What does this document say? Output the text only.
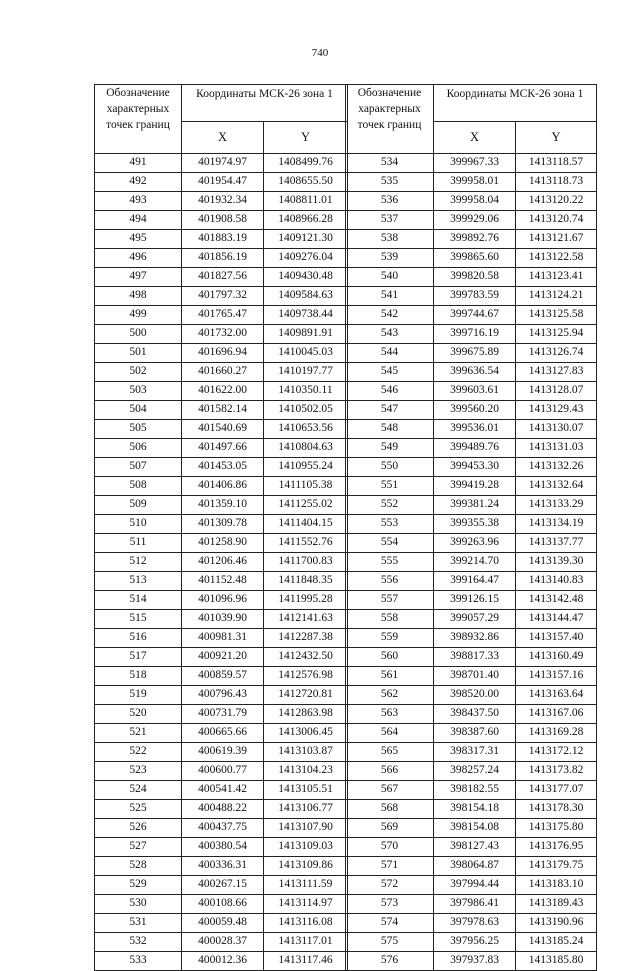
740
Обозначение характерных точек границ	Координаты МСК-26 зона 1	
	X	Y
491	401974.97	1408499.76
492	401954.47	1408655.50
493	401932.34	1408811.01
494	401908.58	1408966.28
495	401883.19	1409121.30
496	401856.19	1409276.04
497	401827.56	1409430.48
498	401797.32	1409584.63
499	401765.47	1409738.44
500	401732.00	1409891.91
501	401696.94	1410045.03
502	401660.27	1410197.77
503	401622.00	1410350.11
504	401582.14	1410502.05
505	401540.69	1410653.56
506	401497.66	1410804.63
507	401453.05	1410955.24
508	401406.86	1411105.38
509	401359.10	1411255.02
510	401309.78	1411404.15
511	401258.90	1411552.76
512	401206.46	1411700.83
513	401152.48	1411848.35
514	401096.96	1411995.28
515	401039.90	1412141.63
516	400981.31	1412287.38
517	400921.20	1412432.50
518	400859.57	1412576.98
519	400796.43	1412720.81
520	400731.79	1412863.98
521	400665.66	1413006.45
522	400619.39	1413103.87
523	400600.77	1413104.23
524	400541.42	1413105.51
525	400488.22	1413106.77
526	400437.75	1413107.90
527	400380.54	1413109.03
528	400336.31	1413109.86
529	400267.15	1413111.59
530	400108.66	1413114.97
531	400059.48	1413116.08
532	400028.37	1413117.01
533	400012.36	1413117.46
Обозначение характерных точек границ	Координаты МСК-26 зона 1	
	X	Y
534	399967.33	1413118.57
535	399958.01	1413118.73
536	399958.04	1413120.22
537	399929.06	1413120.74
538	399892.76	1413121.67
539	399865.60	1413122.58
540	399820.58	1413123.41
541	399783.59	1413124.21
542	399744.67	1413125.58
543	399716.19	1413125.94
544	399675.89	1413126.74
545	399636.54	1413127.83
546	399603.61	1413128.07
547	399560.20	1413129.43
548	399536.01	1413130.07
549	399489.76	1413131.03
550	399453.30	1413132.26
551	399419.28	1413132.64
552	399381.24	1413133.29
553	399355.38	1413134.19
554	399263.96	1413137.77
555	399214.70	1413139.30
556	399164.47	1413140.83
557	399126.15	1413142.48
558	399057.29	1413144.47
559	398932.86	1413157.40
560	398817.33	1413160.49
561	398701.40	1413157.16
562	398520.00	1413163.64
563	398437.50	1413167.06
564	398387.60	1413169.28
565	398317.31	1413172.12
566	398257.24	1413173.82
567	398182.55	1413177.07
568	398154.18	1413178.30
569	398154.08	1413175.80
570	398127.43	1413176.95
571	398064.87	1413179.75
572	397994.44	1413183.10
573	397986.41	1413189.43
574	397978.63	1413190.96
575	397956.25	1413185.24
576	397937.83	1413185.80
